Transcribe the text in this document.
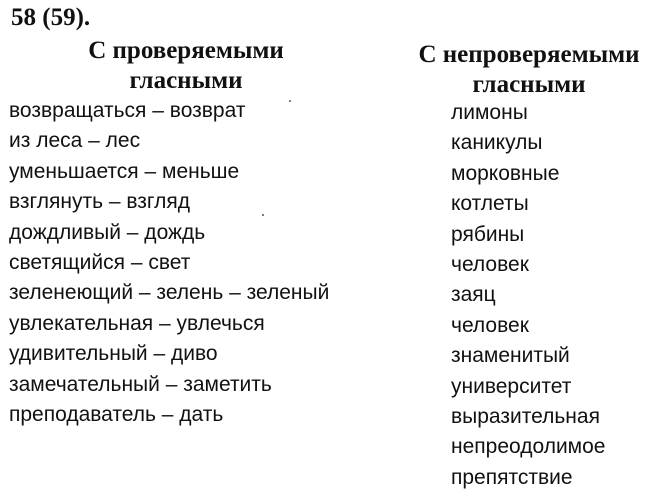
58 (59).
С проверяемыми
гласными
С непроверяемыми
гласными
возвращаться – возврат
из леса – лес
уменьшается – меньше
взглянуть – взгляд
дождливый – дождь
светящийся – свет
зеленеющий – зелень – зеленый
увлекательная – увлечься
удивительный – диво
замечательный – заметить
преподаватель – дать
лимоны
каникулы
морковные
котлеты
рябины
человек
заяц
человек
знаменитый
университет
выразительная
непреодолимое
препятствие
